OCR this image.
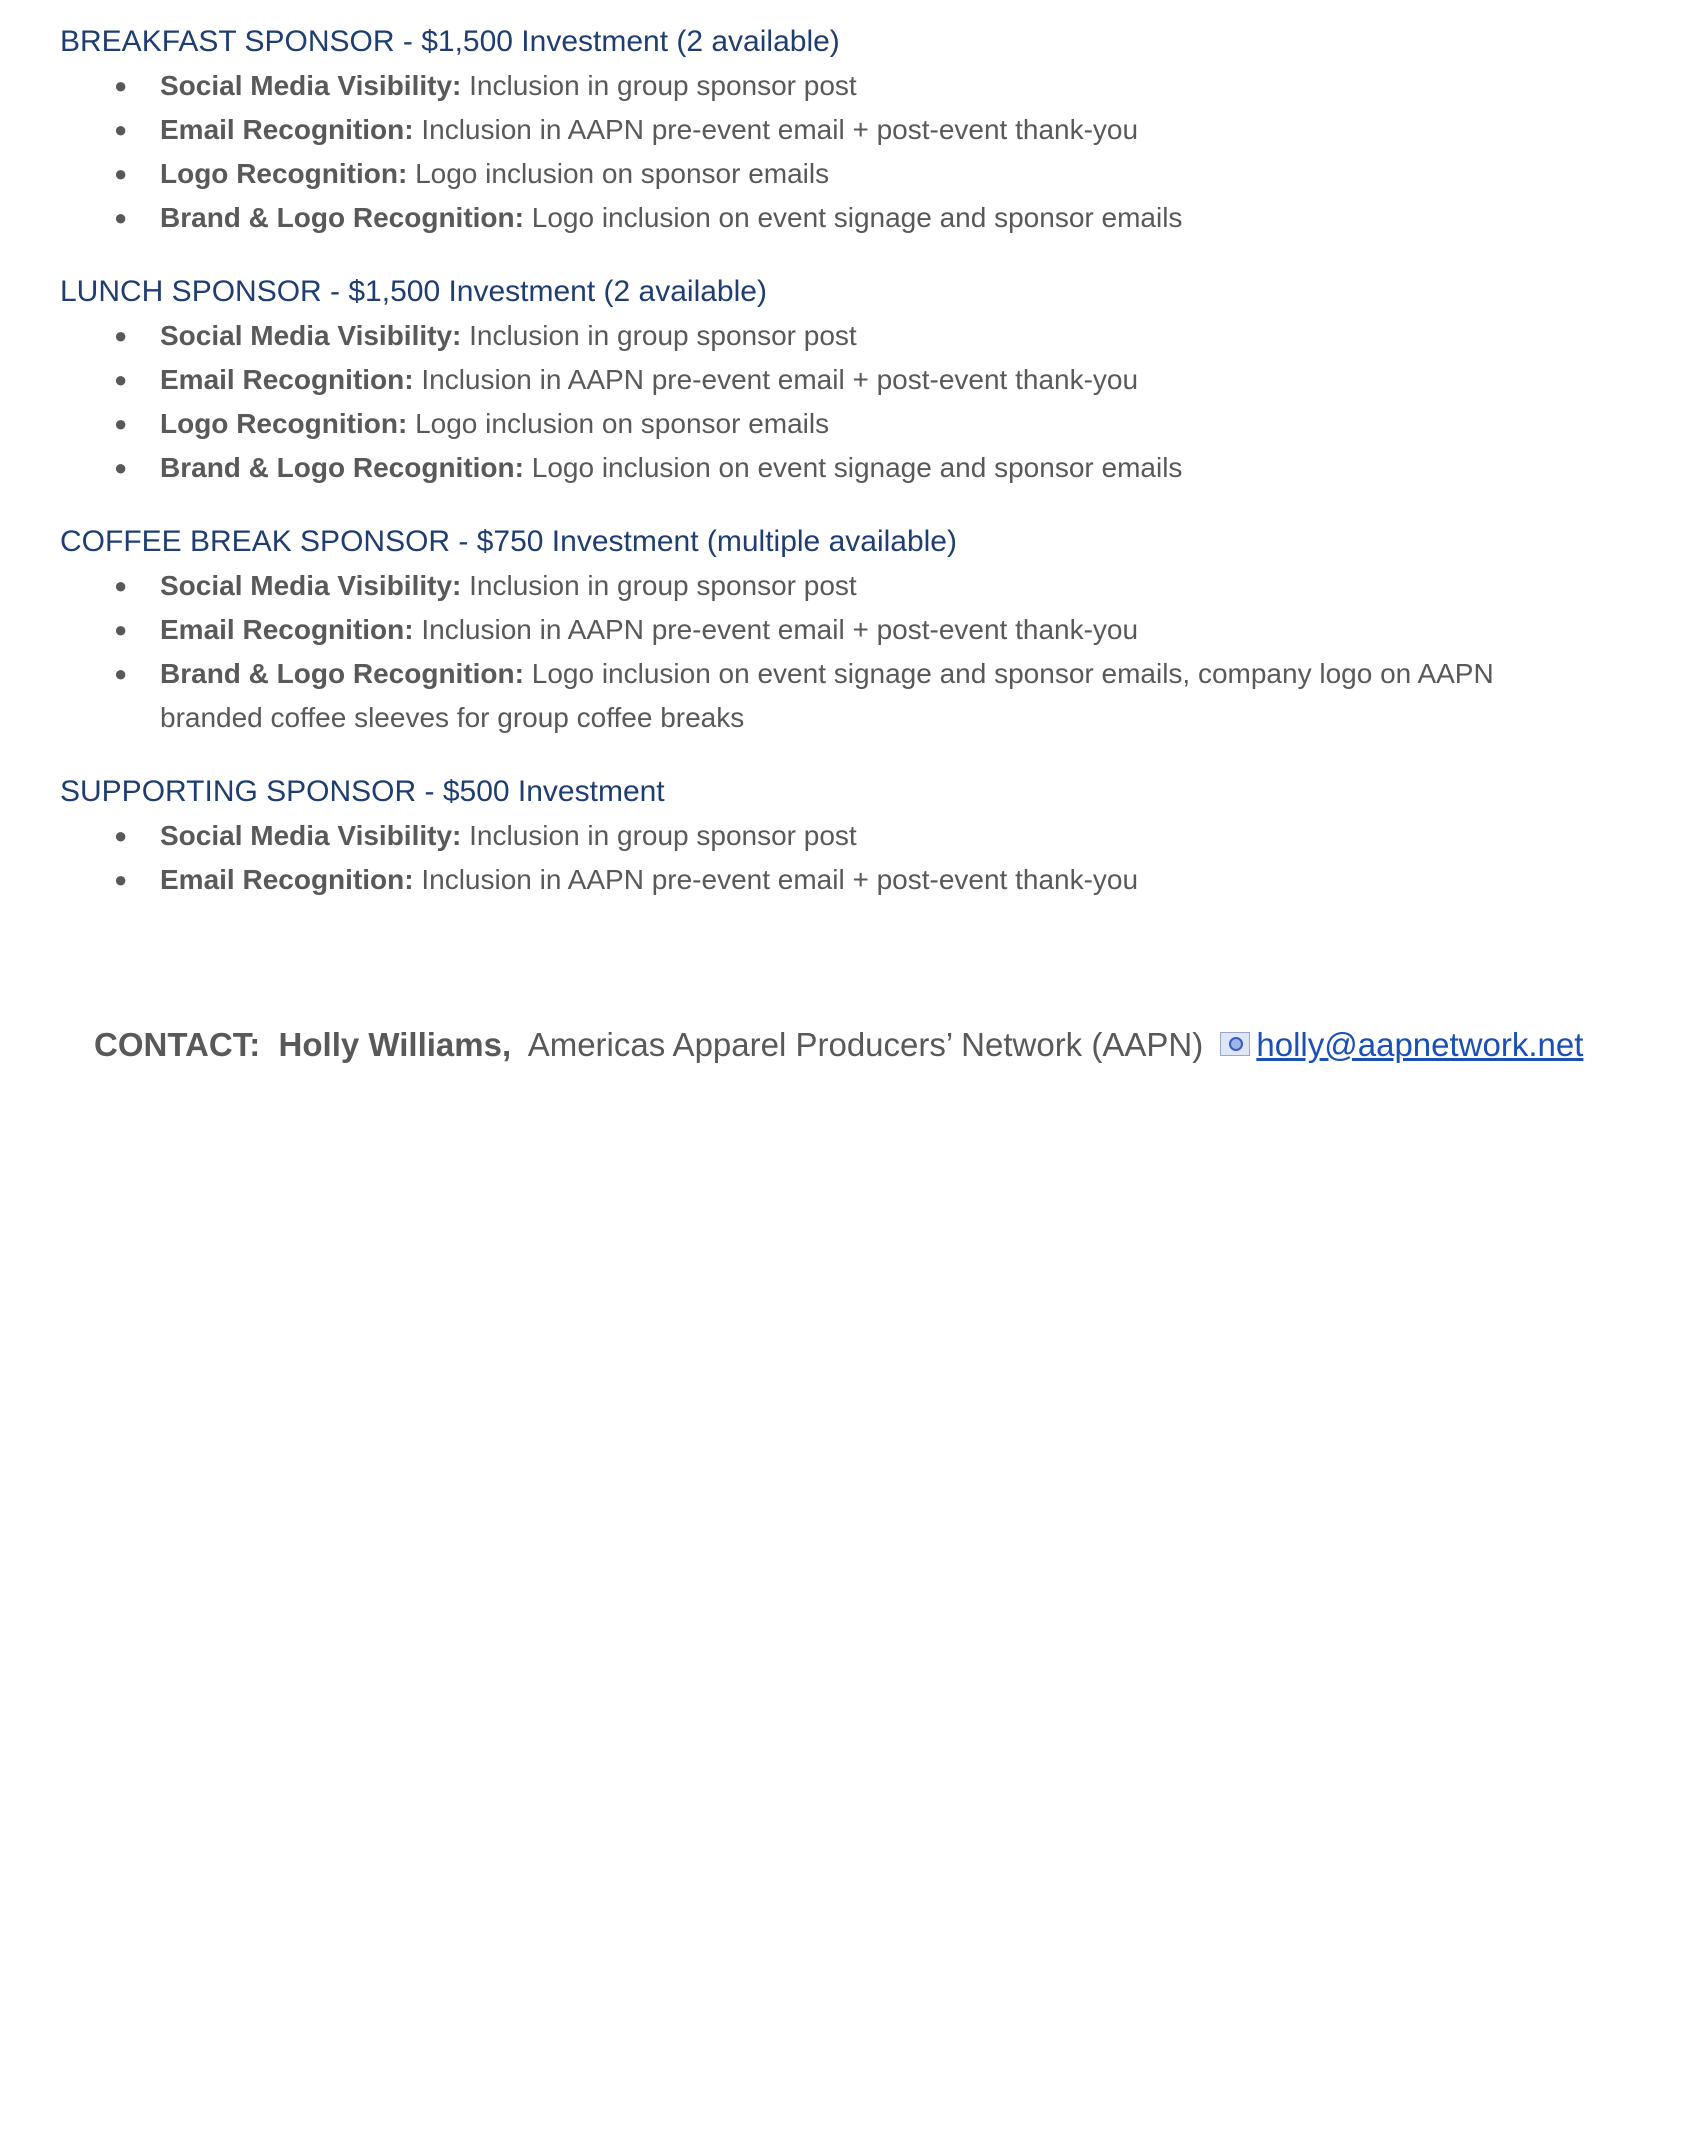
BREAKFAST SPONSOR - $1,500 Investment (2 available)
● Social Media Visibility: Inclusion in group sponsor post
● Email Recognition: Inclusion in AAPN pre-event email + post-event thank-you
● Logo Recognition: Logo inclusion on sponsor emails
● Brand & Logo Recognition: Logo inclusion on event signage and sponsor emails
LUNCH SPONSOR - $1,500 Investment (2 available)
● Social Media Visibility: Inclusion in group sponsor post
● Email Recognition: Inclusion in AAPN pre-event email + post-event thank-you
● Logo Recognition: Logo inclusion on sponsor emails
● Brand & Logo Recognition: Logo inclusion on event signage and sponsor emails
COFFEE BREAK SPONSOR - $750 Investment (multiple available)
● Social Media Visibility: Inclusion in group sponsor post
● Email Recognition: Inclusion in AAPN pre-event email + post-event thank-you
● Brand & Logo Recognition: Logo inclusion on event signage and sponsor emails, company logo on AAPN branded coffee sleeves for group coffee breaks
SUPPORTING SPONSOR - $500 Investment
● Social Media Visibility: Inclusion in group sponsor post
● Email Recognition: Inclusion in AAPN pre-event email + post-event thank-you
CONTACT: Holly Williams, Americas Apparel Producers’ Network (AAPN) holly@aapnetwork.net
